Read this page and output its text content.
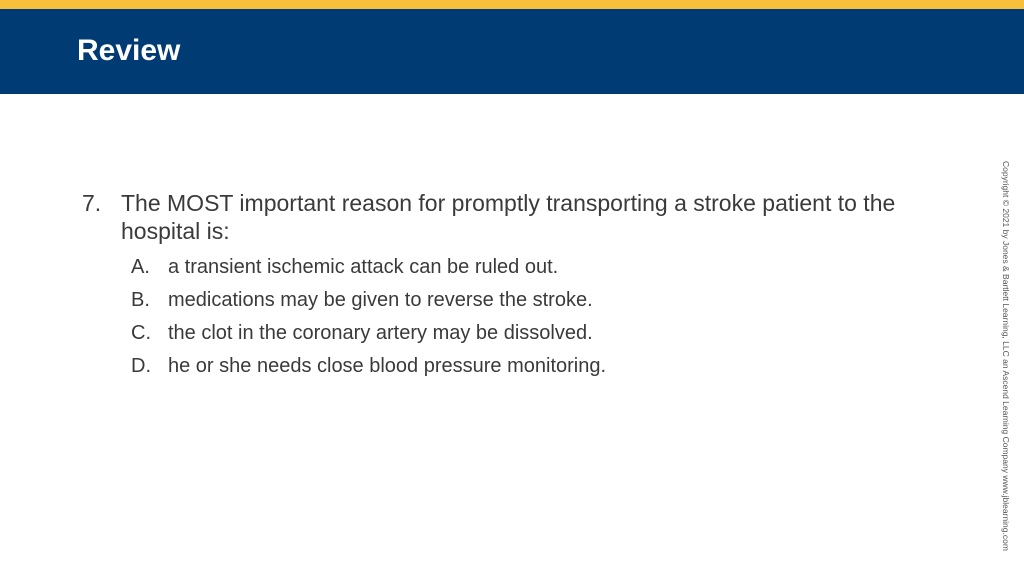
Review
7. The MOST important reason for promptly transporting a stroke patient to the hospital is:
A. a transient ischemic attack can be ruled out.
B. medications may be given to reverse the stroke.
C. the clot in the coronary artery may be dissolved.
D. he or she needs close blood pressure monitoring.	Copyright © 2021 by Jones & Bartlett Learning, LLC an Ascend Learning Company www.jblearning.com
